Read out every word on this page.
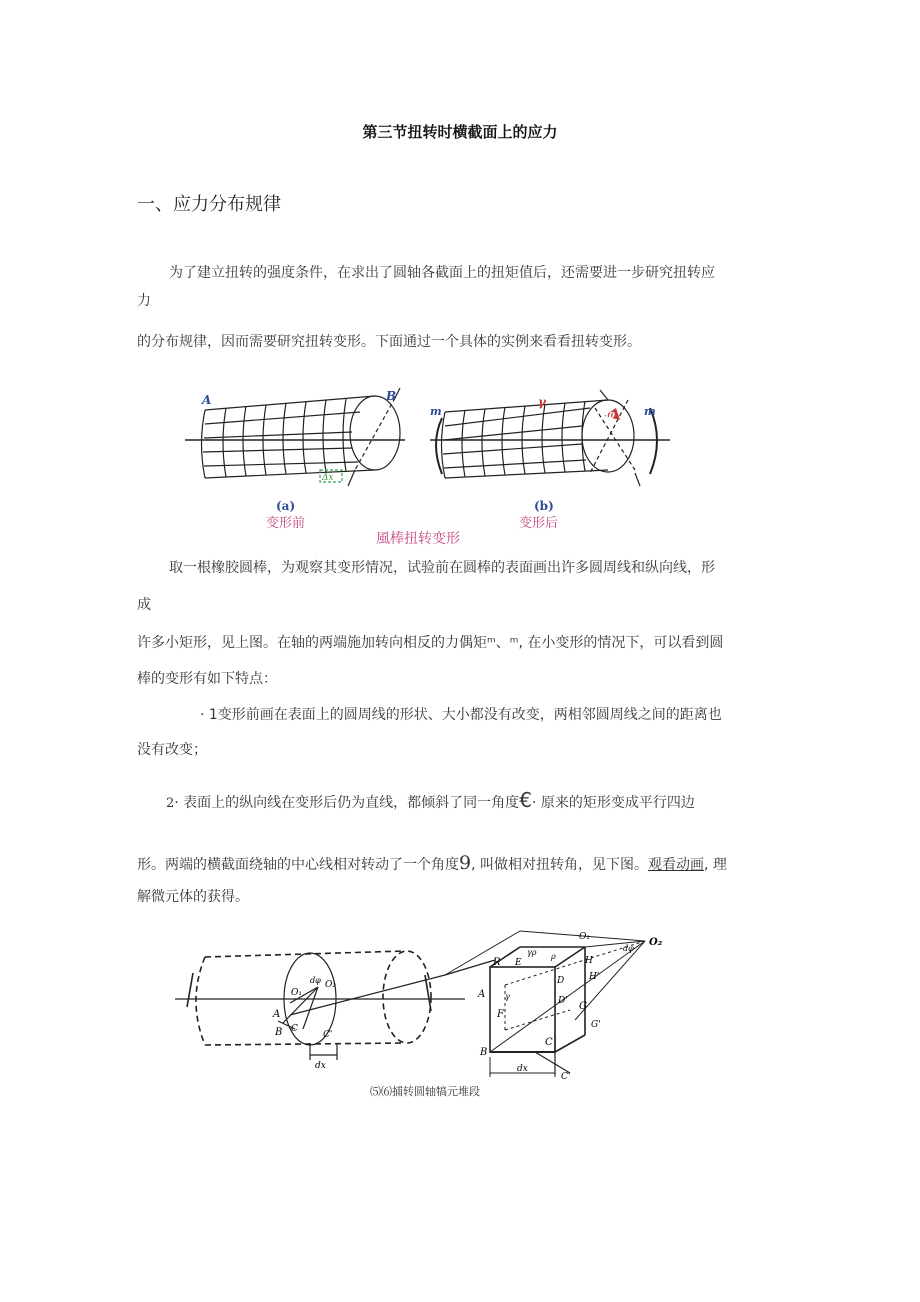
第三节扭转时横截面上的应力
一、应力分布规律
为了建立扭转的强度条件，在求出了圆轴各截面上的扭矩值后，还需要进一步研究扭转应
力
的分布规律，因而需要研究扭转变形。下面通过一个具体的实例来看看扭转变形。
Δx
A	B
m	m
γ
φ
(a)	(b)
变形前	变形后
風棒扭转变形
取一根橡胶圆棒，为观察其变形情况，试验前在圆棒的表面画出许多圆周线和纵向线，形
成
许多小矩形，见上图。在轴的两端施加转向相反的力偶矩ᵐ、ᵐ, 在小变形的情况下，可以看到圆
棒的变形有如下特点：
· 1变形前画在表面上的圆周线的形状、大小都没有改变，两相邻圆周线之间的距离也
没有改变；
2· 表面上的纵向线在变形后仍为直线，都倾斜了同一角度€· 原来的矩形变成平行四边
形。两端的横截面绕轴的中心线相对转动了一个角度9, 叫做相对扭转角，见下图。观看动画, 理
解微元体的获得。
O₁
O₂
dφ
A
B C
C'
dx
R
O₁	O₂
dφ
γρ
E
ρ	H
H'
A γ
D
D'
F
G
G'
B
C
C'
dx
⑸⑹捕转圆轴犒元堆段
